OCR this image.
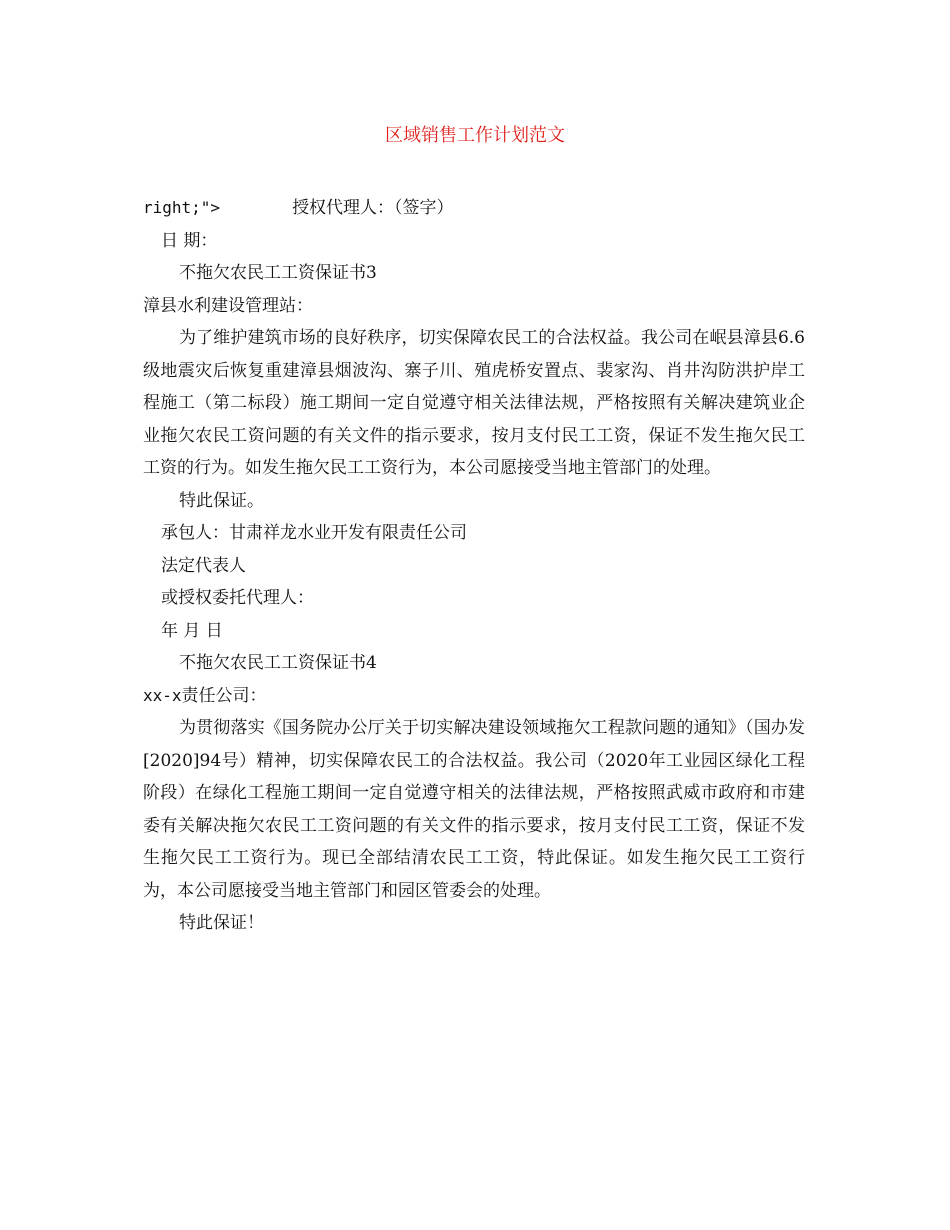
区域销售工作计划范文

right;">	授权代理人：（签字）

日 期：

不拖欠农民工工资保证书3

漳县水利建设管理站：

为了维护建筑市场的良好秩序，切实保障农民工的合法权益。我公司在岷县漳县6.6级地震灾后恢复重建漳县烟波沟、寨子川、殖虎桥安置点、裴家沟、肖井沟防洪护岸工程施工（第二标段）施工期间一定自觉遵守相关法律法规，严格按照有关解决建筑业企业拖欠农民工资问题的有关文件的指示要求，按月支付民工工资，保证不发生拖欠民工工资的行为。如发生拖欠民工工资行为，本公司愿接受当地主管部门的处理。

特此保证。

承包人：甘肃祥龙水业开发有限责任公司

法定代表人

或授权委托代理人：

年 月 日

不拖欠农民工工资保证书4

xx-x责任公司：

为贯彻落实《国务院办公厅关于切实解决建设领域拖欠工程款问题的通知》（国办发[2020]94号）精神，切实保障农民工的合法权益。我公司（2020年工业园区绿化工程阶段）在绿化工程施工期间一定自觉遵守相关的法律法规，严格按照武威市政府和市建委有关解决拖欠农民工工资问题的有关文件的指示要求，按月支付民工工资，保证不发生拖欠民工工资行为。现已全部结清农民工工资，特此保证。如发生拖欠民工工资行为，本公司愿接受当地主管部门和园区管委会的处理。

特此保证！
